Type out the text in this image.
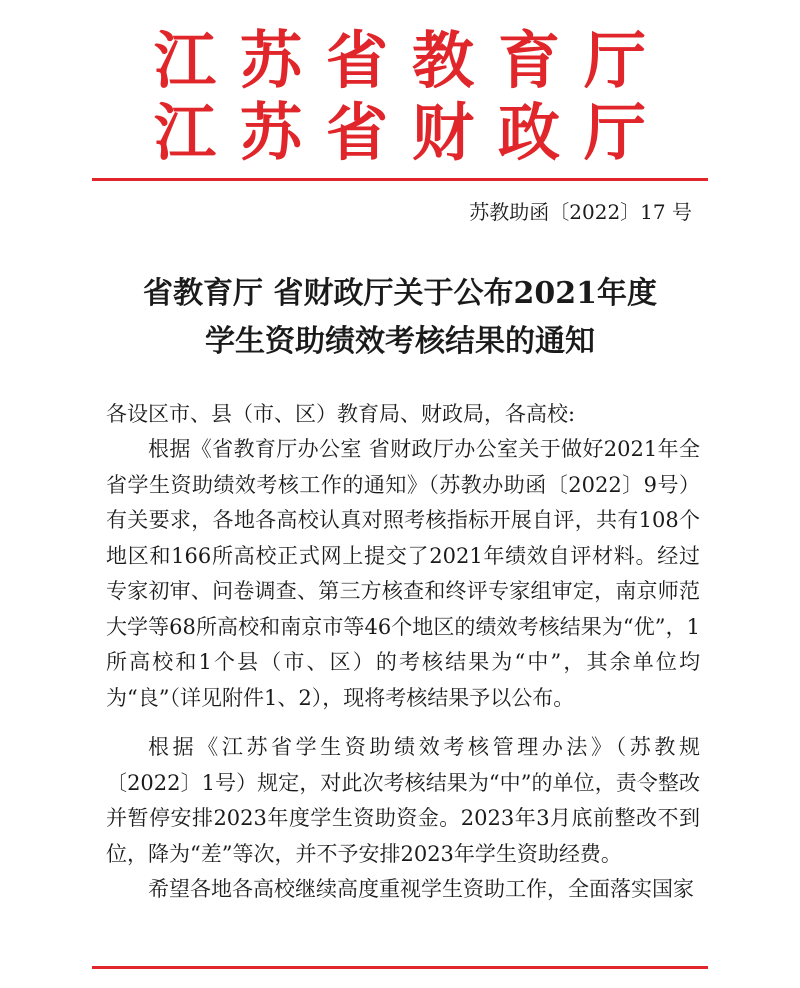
江苏省教育厅
江苏省财政厅
苏教助函〔2022〕17 号
省教育厅 省财政厅关于公布2021年度
学生资助绩效考核结果的通知
各设区市、县（市、区）教育局、财政局，各高校:

根据《省教育厅办公室 省财政厅办公室关于做好2021年全省学生资助绩效考核工作的通知》（苏教办助函〔2022〕9号）有关要求，各地各高校认真对照考核指标开展自评，共有108个地区和166所高校正式网上提交了2021年绩效自评材料。经过专家初审、问卷调查、第三方核查和终评专家组审定，南京师范大学等68所高校和南京市等46个地区的绩效考核结果为“优”，1所高校和1个县（市、区）的考核结果为“中”，其余单位均为“良”（详见附件1、2），现将考核结果予以公布。

根据《江苏省学生资助绩效考核管理办法》（苏教规〔2022〕1号）规定，对此次考核结果为“中”的单位，责令整改并暂停安排2023年度学生资助资金。2023年3月底前整改不到位，降为“差”等次，并不予安排2023年学生资助经费。

希望各地各高校继续高度重视学生资助工作，全面落实国家
